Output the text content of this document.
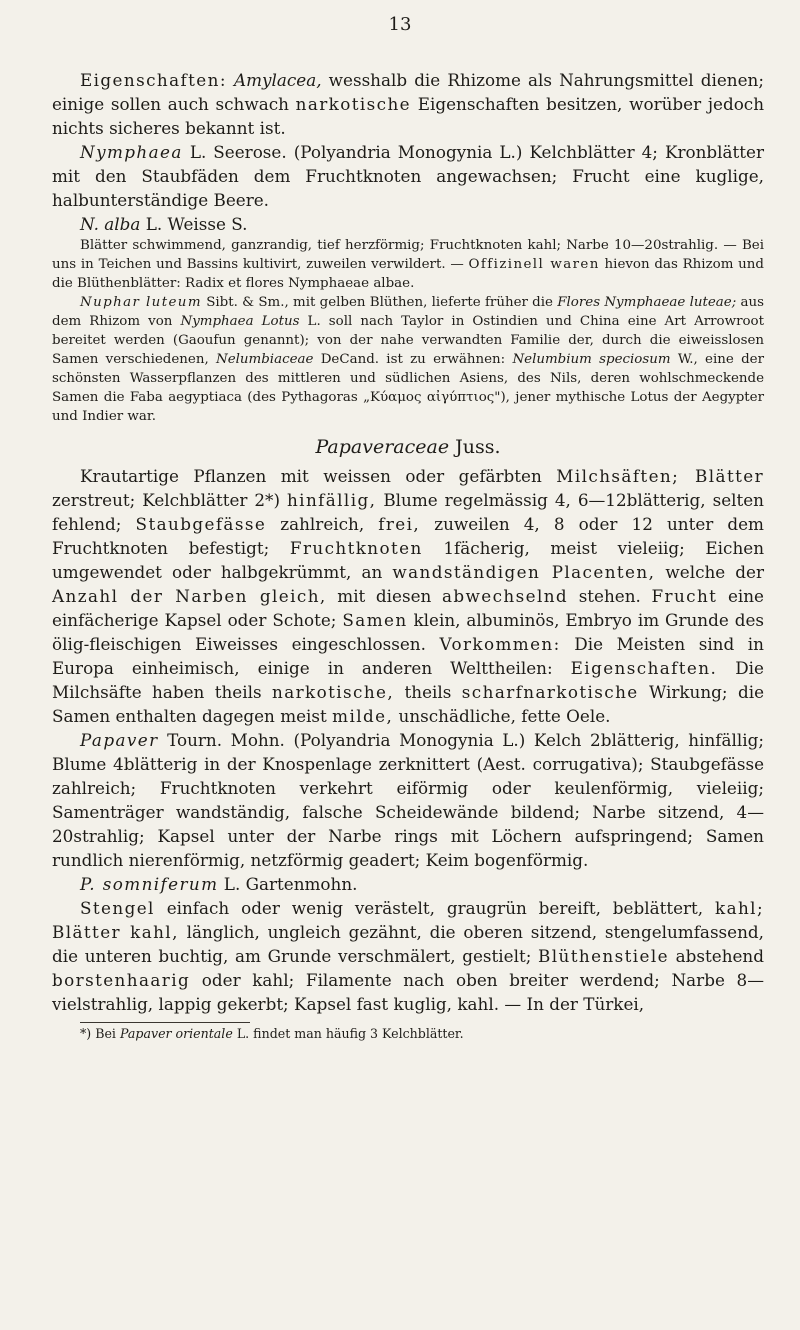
13

Eigenschaften: Amylacea, wesshalb die Rhizome als Nahrungsmittel dienen; einige sollen auch schwach narkotische Eigenschaften besitzen, worüber jedoch nichts sicheres bekannt ist.

Nymphaea L. Seerose. (Polyandria Monogynia L.) Kelchblätter 4; Kronblätter mit den Staubfäden dem Fruchtknoten angewachsen; Frucht eine kuglige, halbunterständige Beere.

N. alba L. Weisse S.

Blätter schwimmend, ganzrandig, tief herzförmig; Fruchtknoten kahl; Narbe 10—20strahlig. — Bei uns in Teichen und Bassins kultivirt, zuweilen verwildert. — Offizinell waren hievon das Rhizom und die Blüthenblätter: Radix et flores Nymphaeae albae.

Nuphar luteum Sibt. & Sm., mit gelben Blüthen, lieferte früher die Flores Nymphaeae luteae; aus dem Rhizom von Nymphaea Lotus L. soll nach Taylor in Ostindien und China eine Art Arrowroot bereitet werden (Gaoufun genannt); von der nahe verwandten Familie der, durch die eiweisslosen Samen verschiedenen, Nelumbiaceae DeCand. ist zu erwähnen: Nelumbium speciosum W., eine der schönsten Wasserpflanzen des mittleren und südlichen Asiens, des Nils, deren wohlschmeckende Samen die Faba aegyptiaca (des Pythagoras „Κύαμος αἰγύπτιος"), jener mythische Lotus der Aegypter und Indier war.

Papaveraceae Juss.

Krautartige Pflanzen mit weissen oder gefärbten Milchsäften; Blätter zerstreut; Kelchblätter 2*) hinfällig, Blume regelmässig 4, 6—12blätterig, selten fehlend; Staubgefässe zahlreich, frei, zuweilen 4, 8 oder 12 unter dem Fruchtknoten befestigt; Fruchtknoten 1fächerig, meist vieleiig; Eichen umgewendet oder halbgekrümmt, an wandständigen Placenten, welche der Anzahl der Narben gleich, mit diesen abwechselnd stehen. Frucht eine einfächerige Kapsel oder Schote; Samen klein, albuminös, Embryo im Grunde des ölig-fleischigen Eiweisses eingeschlossen. Vorkommen: Die Meisten sind in Europa einheimisch, einige in anderen Welttheilen: Eigenschaften. Die Milchsäfte haben theils narkotische, theils scharfnarkotische Wirkung; die Samen enthalten dagegen meist milde, unschädliche, fette Oele.

Papaver Tourn. Mohn. (Polyandria Monogynia L.) Kelch 2blätterig, hinfällig; Blume 4blätterig in der Knospenlage zerknittert (Aest. corrugativa); Staubgefässe zahlreich; Fruchtknoten verkehrt eiförmig oder keulenförmig, vieleiig; Samenträger wandständig, falsche Scheidewände bildend; Narbe sitzend, 4—20strahlig; Kapsel unter der Narbe rings mit Löchern aufspringend; Samen rundlich nierenförmig, netzförmig geadert; Keim bogenförmig.

P. somniferum L. Gartenmohn.

Stengel einfach oder wenig verästelt, graugrün bereift, beblättert, kahl; Blätter kahl, länglich, ungleich gezähnt, die oberen sitzend, stengelumfassend, die unteren buchtig, am Grunde verschmälert, gestielt; Blüthenstiele abstehend borstenhaarig oder kahl; Filamente nach oben breiter werdend; Narbe 8—vielstrahlig, lappig gekerbt; Kapsel fast kuglig, kahl. — In der Türkei,

*) Bei Papaver orientale L. findet man häufig 3 Kelchblätter.
